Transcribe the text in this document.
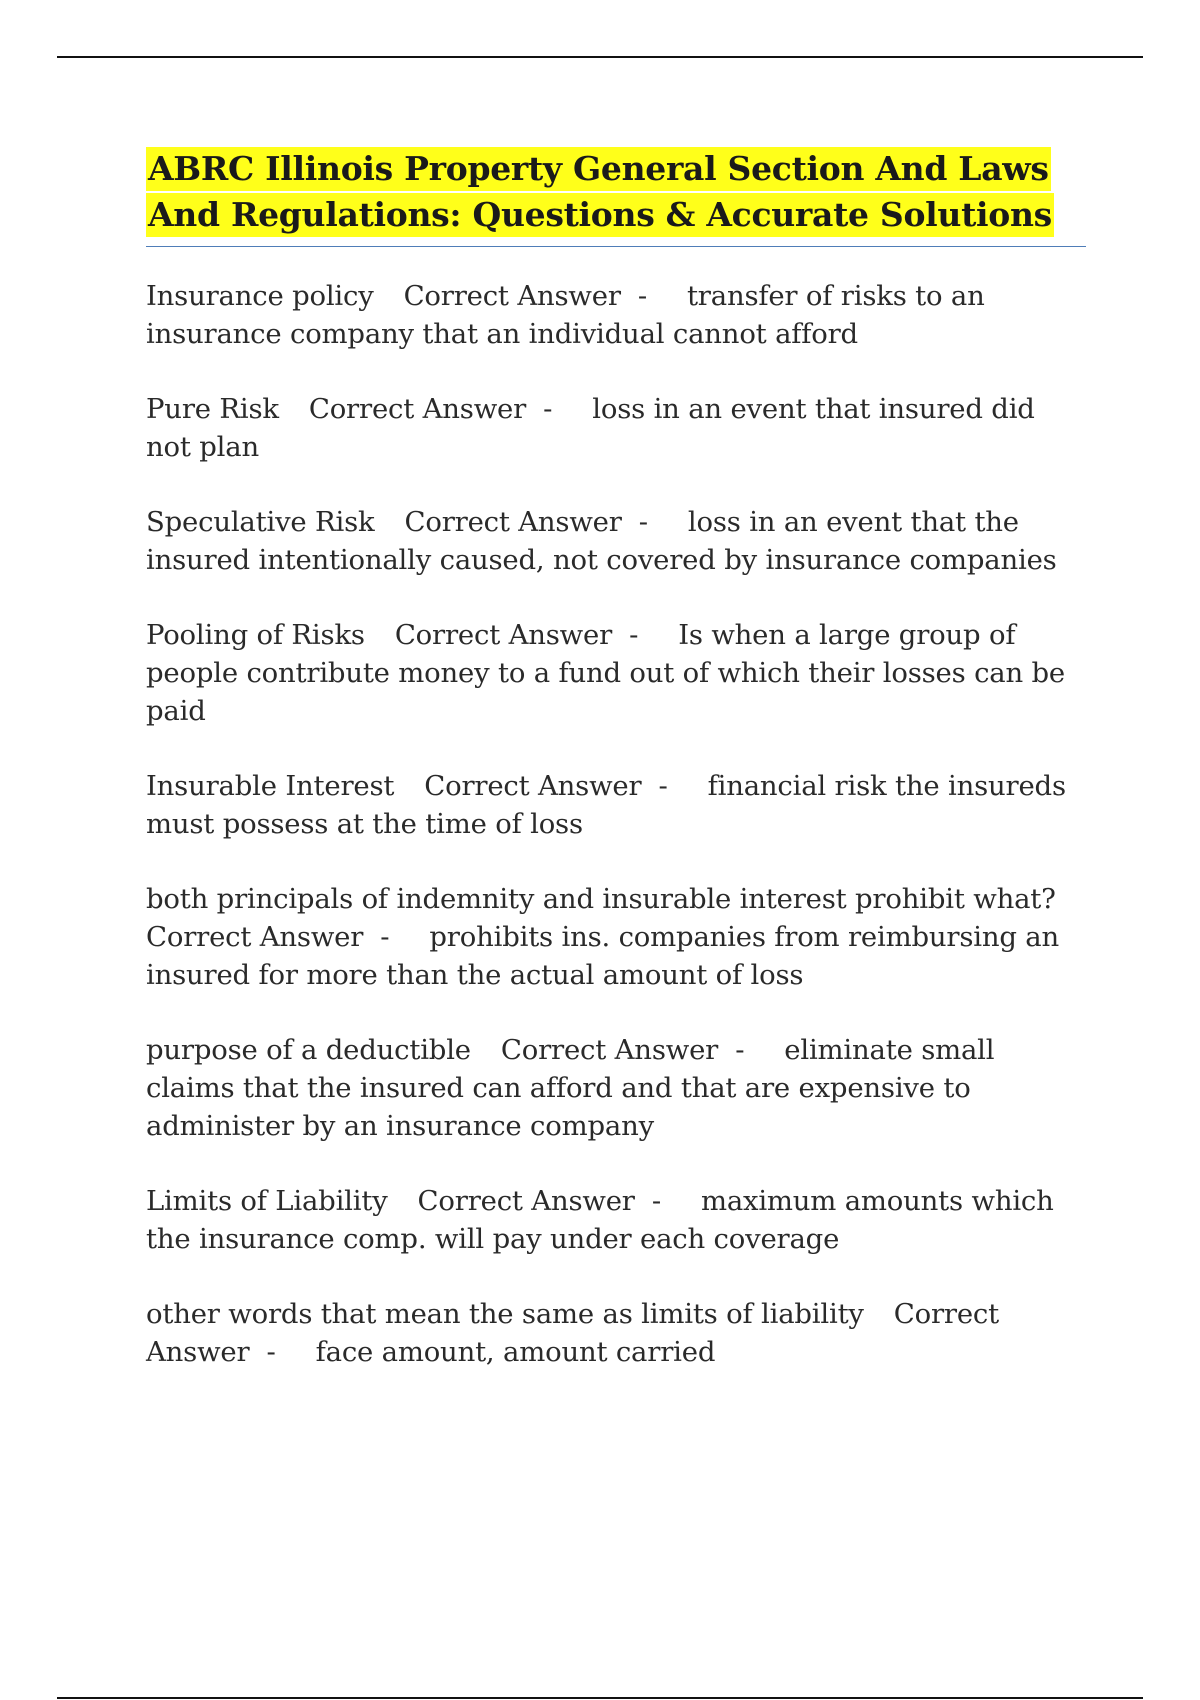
ABRC Illinois Property General Section And Laws
And Regulations: Questions & Accurate Solutions

Insurance policy Correct Answer - transfer of risks to an insurance company that an individual cannot afford

Pure Risk Correct Answer - loss in an event that insured did not plan

Speculative Risk Correct Answer - loss in an event that the insured intentionally caused, not covered by insurance companies

Pooling of Risks Correct Answer - Is when a large group of people contribute money to a fund out of which their losses can be paid

Insurable Interest Correct Answer - financial risk the insureds must possess at the time of loss

both principals of indemnity and insurable interest prohibit what?Correct Answer - prohibits ins. companies from reimbursing an insured for more than the actual amount of loss

purpose of a deductible Correct Answer - eliminate small claims that the insured can afford and that are expensive to administer by an insurance company

Limits of Liability Correct Answer - maximum amounts which the insurance comp. will pay under each coverage

other words that mean the same as limits of liability Correct Answer - face amount, amount carried
